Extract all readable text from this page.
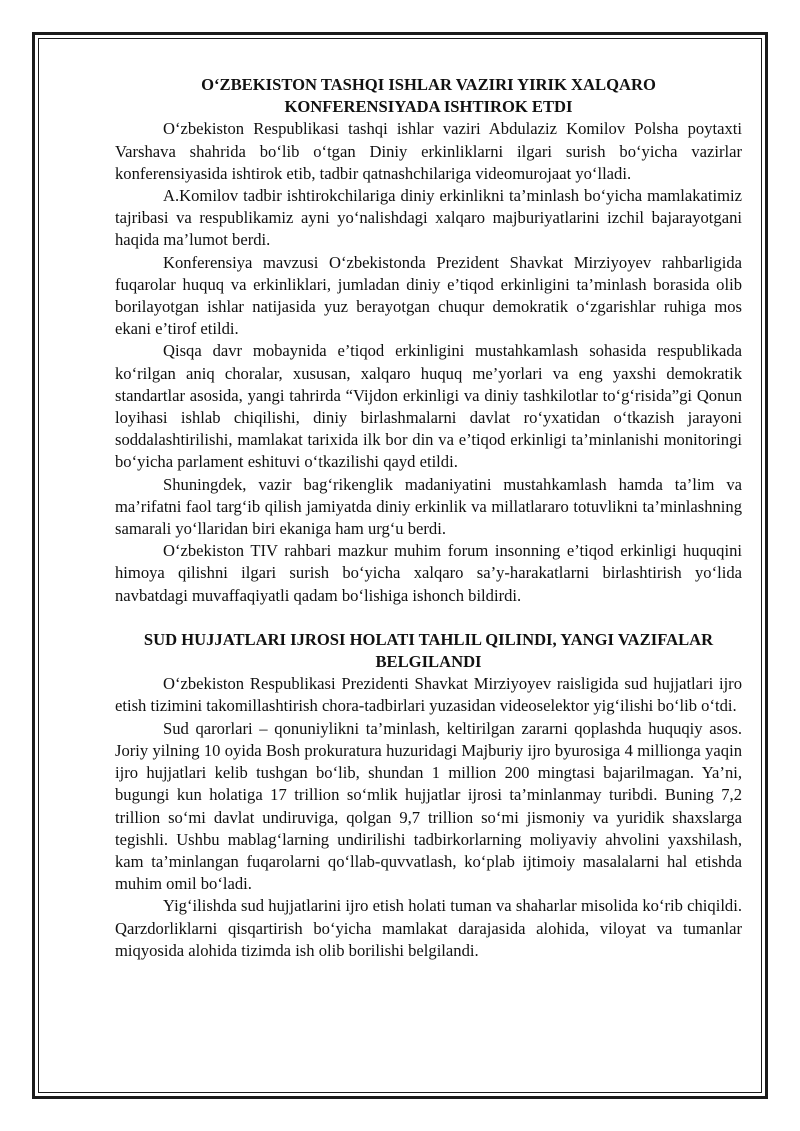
O‘ZBEKISTON TASHQI ISHLAR VAZIRI YIRIK XALQARO KONFERENSIYADA ISHTIROK ETDI

O‘zbekiston Respublikasi tashqi ishlar vaziri Abdulaziz Komilov Polsha poytaxti Varshava shahrida bo‘lib o‘tgan Diniy erkinliklarni ilgari surish bo‘yicha vazirlar konferensiyasida ishtirok etib, tadbir qatnashchilariga videomurojaat yo‘lladi.

A.Komilov tadbir ishtirokchilariga diniy erkinlikni ta’minlash bo‘yicha mamlakatimiz tajribasi va respublikamiz ayni yo‘nalishdagi xalqaro majburiyatlarini izchil bajarayotgani haqida ma’lumot berdi.

Konferensiya mavzusi O‘zbekistonda Prezident Shavkat Mirziyoyev rahbarligida fuqarolar huquq va erkinliklari, jumladan diniy e’tiqod erkinligini ta’minlash borasida olib borilayotgan ishlar natijasida yuz berayotgan chuqur demokratik o‘zgarishlar ruhiga mos ekani e’tirof etildi.

Qisqa davr mobaynida e’tiqod erkinligini mustahkamlash sohasida respublikada ko‘rilgan aniq choralar, xususan, xalqaro huquq me’yorlari va eng yaxshi demokratik standartlar asosida, yangi tahrirda “Vijdon erkinligi va diniy tashkilotlar to‘g‘risida”gi Qonun loyihasi ishlab chiqilishi, diniy birlashmalarni davlat ro‘yxatidan o‘tkazish jarayoni soddalashtirilishi, mamlakat tarixida ilk bor din va e’tiqod erkinligi ta’minlanishi monitoringi bo‘yicha parlament eshituvi o‘tkazilishi qayd etildi.

Shuningdek, vazir bag‘rikenglik madaniyatini mustahkamlash hamda ta’lim va ma’rifatni faol targ‘ib qilish jamiyatda diniy erkinlik va millatlararo totuvlikni ta’minlashning samarali yo‘llaridan biri ekaniga ham urg‘u berdi.

O‘zbekiston TIV rahbari mazkur muhim forum insonning e’tiqod erkinligi huquqini himoya qilishni ilgari surish bo‘yicha xalqaro sa’y-harakatlarni birlashtirish yo‘lida navbatdagi muvaffaqiyatli qadam bo‘lishiga ishonch bildirdi.

SUD HUJJATLARI IJROSI HOLATI TAHLIL QILINDI, YANGI VAZIFALAR BELGILANDI

O‘zbekiston Respublikasi Prezidenti Shavkat Mirziyoyev raisligida sud hujjatlari ijro etish tizimini takomillashtirish chora-tadbirlari yuzasidan videoselektor yig‘ilishi bo‘lib o‘tdi.

Sud qarorlari – qonuniylikni ta’minlash, keltirilgan zararni qoplashda huquqiy asos. Joriy yilning 10 oyida Bosh prokuratura huzuridagi Majburiy ijro byurosiga 4 millionga yaqin ijro hujjatlari kelib tushgan bo‘lib, shundan 1 million 200 mingtasi bajarilmagan. Ya’ni, bugungi kun holatiga 17 trillion so‘mlik hujjatlar ijrosi ta’minlanmay turibdi. Buning 7,2 trillion so‘mi davlat undiruviga, qolgan 9,7 trillion so‘mi jismoniy va yuridik shaxslarga tegishli. Ushbu mablag‘larning undirilishi tadbirkorlarning moliyaviy ahvolini yaxshilash, kam ta’minlangan fuqarolarni qo‘llab-quvvatlash, ko‘plab ijtimoiy masalalarni hal etishda muhim omil bo‘ladi.

Yig‘ilishda sud hujjatlarini ijro etish holati tuman va shaharlar misolida ko‘rib chiqildi. Qarzdorliklarni qisqartirish bo‘yicha mamlakat darajasida alohida, viloyat va tumanlar miqyosida alohida tizimda ish olib borilishi belgilandi.
